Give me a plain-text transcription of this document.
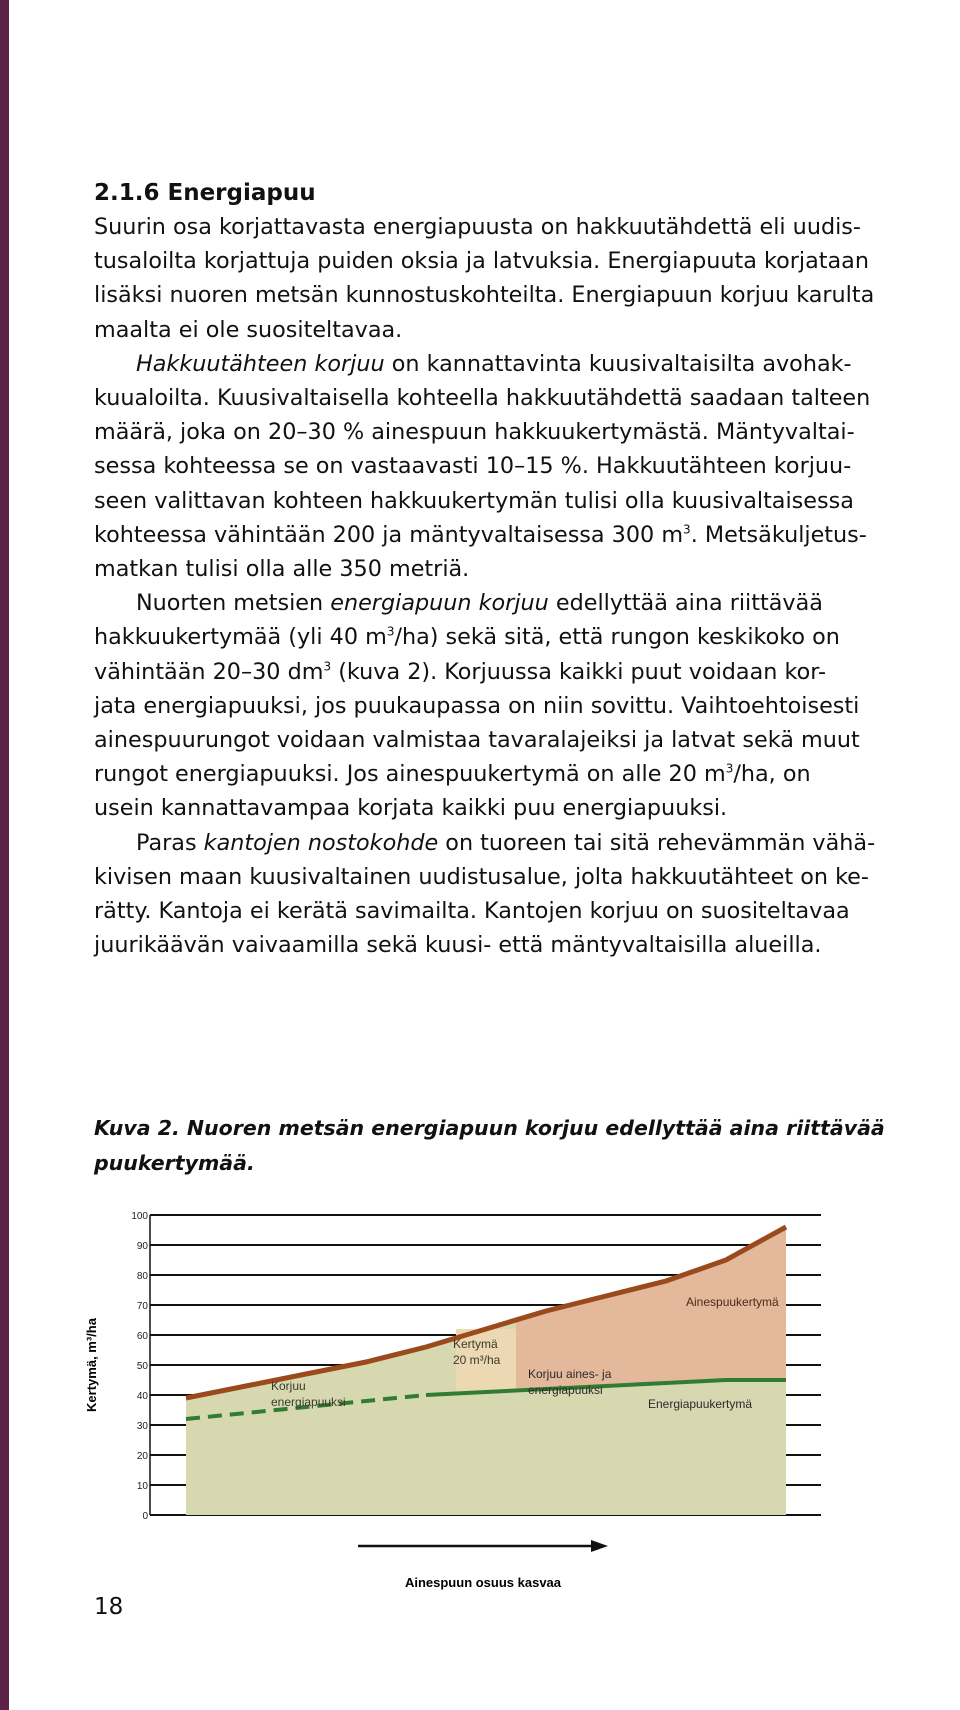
2.1.6 Energiapuu
Suurin osa korjattavasta energiapuusta on hakkuutähdettä eli uudis-
tusaloilta korjattuja puiden oksia ja latvuksia. Energiapuuta korjataan
lisäksi nuoren metsän kunnostuskohteilta. Energiapuun korjuu karulta
maalta ei ole suositeltavaa.
Hakkuutähteen korjuu on kannattavinta kuusivaltaisilta avohak-
kuualoilta. Kuusivaltaisella kohteella hakkuutähdettä saadaan talteen
määrä, joka on 20–30 % ainespuun hakkuukertymästä. Mäntyvaltai-
sessa kohteessa se on vastaavasti 10–15 %. Hakkuutähteen korjuu-
seen valittavan kohteen hakkuukertymän tulisi olla kuusivaltaisessa
kohteessa vähintään 200 ja mäntyvaltaisessa 300 $m^3$. Metsäkuljetus-
matkan tulisi olla alle 350 metriä.
Nuorten metsien energiapuun korjuu edellyttää aina riittävää
hakkuukertymää (yli 40 $m^3/ha$) sekä sitä, että rungon keskikoko on
vähintään 20–30 $dm^3$ (kuva 2). Korjuussa kaikki puut voidaan kor-
jata energiapuuksi, jos puukaupassa on niin sovittu. Vaihtoehtoisesti
ainespuurungot voidaan valmistaa tavaralajeiksi ja latvat sekä muut
rungot energiapuuksi. Jos ainespuukertymä on alle 20 $m^3/ha$, on
usein kannattavampaa korjata kaikki puu energiapuuksi.
Paras kantojen nostokohde on tuoreen tai sitä rehevämmän vähä-
kivisen maan kuusivaltainen uudistusalue, jolta hakkuutähteet on ke-
rätty. Kantoja ei kerätä savimailta. Kantojen korjuu on suositeltavaa
juurikäävän vaivaamilla sekä kuusi- että mäntyvaltaisilla alueilla.
Kuva 2. Nuoren metsän energiapuun korjuu edellyttää aina riittävää
puukertymää.
100
90
80
70
60
50
40
30
20
10
0
Kertymä, m³/ha	Korjuu
energiapuuksi
Kertymä
20 m³/ha
Korjuu aines- ja
energiapuuksi
Ainespuukertymä
Energiapuukertymä
Ainespuun osuus kasvaa
18
